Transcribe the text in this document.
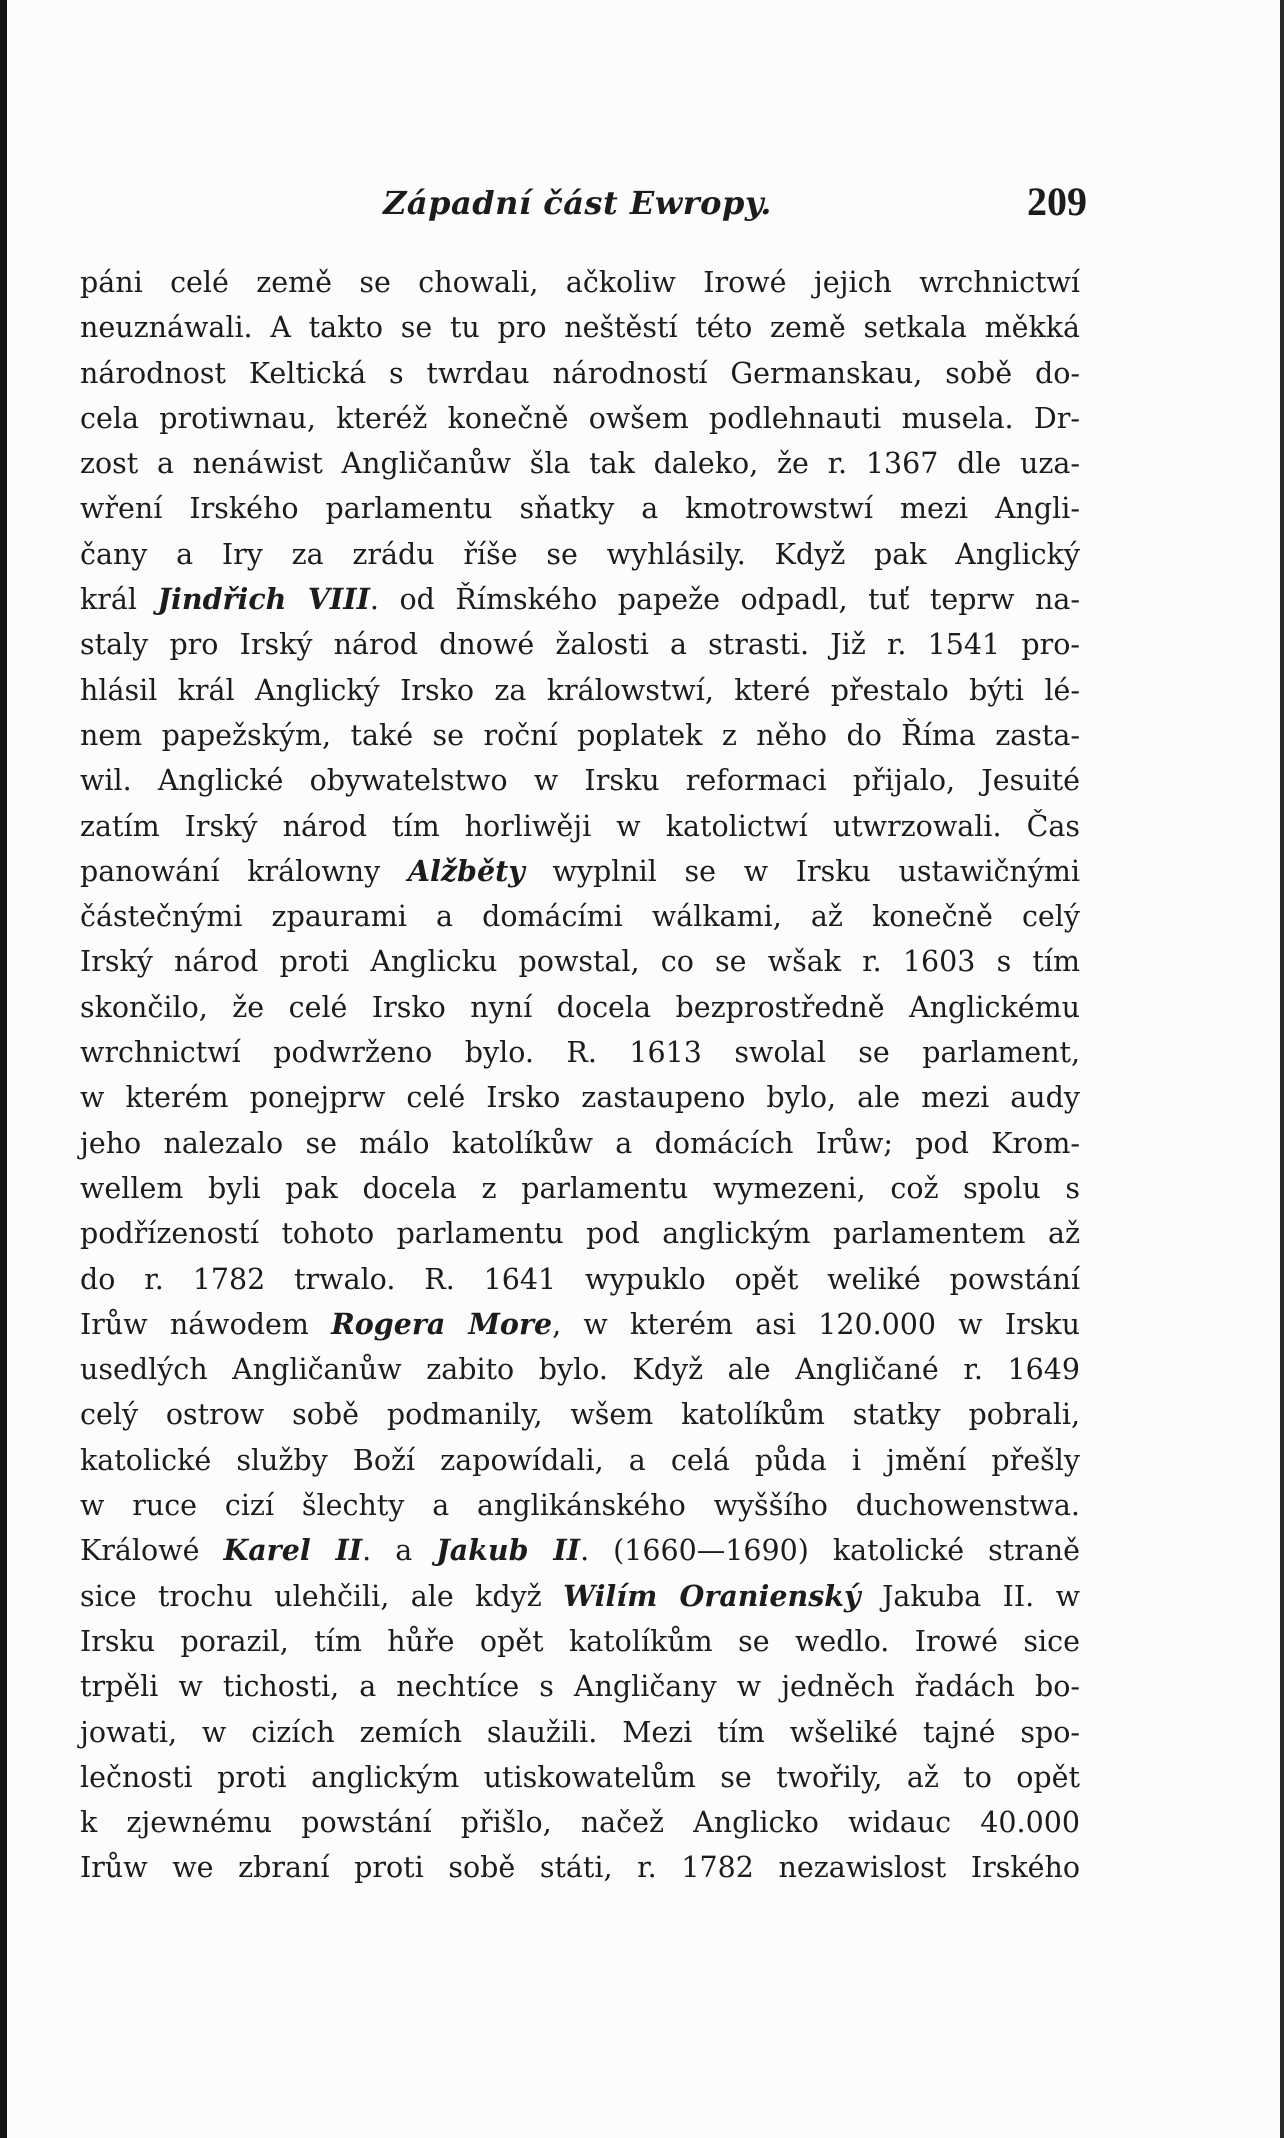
Západní část Ewropy.	209
páni celé země se chowali, ačkoliw Irowé jejich wrchnictwí
neuznáwali. A takto se tu pro neštěstí této země setkala měkká
národnost Keltická s twrdau národností Germanskau, sobě do-
cela protiwnau, kteréž konečně owšem podlehnauti musela. Dr-
zost a nenáwist Angličanůw šla tak daleko, že r. 1367 dle uza-
wření Irského parlamentu sňatky a kmotrowstwí mezi Angli-
čany a Iry za zrádu říše se wyhlásily. Když pak Anglický
král Jindřich VIII. od Římského papeže odpadl, tuť teprw na-
staly pro Irský národ dnowé žalosti a strasti. Již r. 1541 pro-
hlásil král Anglický Irsko za králowstwí, které přestalo býti lé-
nem papežským, také se roční poplatek z něho do Říma zasta-
wil. Anglické obywatelstwo w Irsku reformaci přijalo, Jesuité
zatím Irský národ tím horliwěji w katolictwí utwrzowali. Čas
panowání králowny Alžběty wyplnil se w Irsku ustawičnými
částečnými zpaurami a domácími wálkami, až konečně celý
Irský národ proti Anglicku powstal, co se wšak r. 1603 s tím
skončilo, že celé Irsko nyní docela bezprostředně Anglickému
wrchnictwí podwrženo bylo. R. 1613 swolal se parlament,
w kterém ponejprw celé Irsko zastaupeno bylo, ale mezi audy
jeho nalezalo se málo katolíkůw a domácích Irůw; pod Krom-
wellem byli pak docela z parlamentu wymezeni, což spolu s
podřízeností tohoto parlamentu pod anglickým parlamentem až
do r. 1782 trwalo. R. 1641 wypuklo opět weliké powstání
Irůw náwodem Rogera More, w kterém asi 120.000 w Irsku
usedlých Angličanůw zabito bylo. Když ale Angličané r. 1649
celý ostrow sobě podmanily, wšem katolíkům statky pobrali,
katolické služby Boží zapowídali, a celá půda i jmění přešly
w ruce cizí šlechty a anglikánského wyššího duchowenstwa.
Králowé Karel II. a Jakub II. (1660—1690) katolické straně
sice trochu ulehčili, ale když Wilím Oranienský Jakuba II. w
Irsku porazil, tím hůře opět katolíkům se wedlo. Irowé sice
trpěli w tichosti, a nechtíce s Angličany w jedněch řadách bo-
jowati, w cizích zemích slaužili. Mezi tím wšeliké tajné spo-
lečnosti proti anglickým utiskowatelům se twořily, až to opět
k zjewnému powstání přišlo, načež Anglicko widauc 40.000
Irůw we zbraní proti sobě státi, r. 1782 nezawislost Irského
